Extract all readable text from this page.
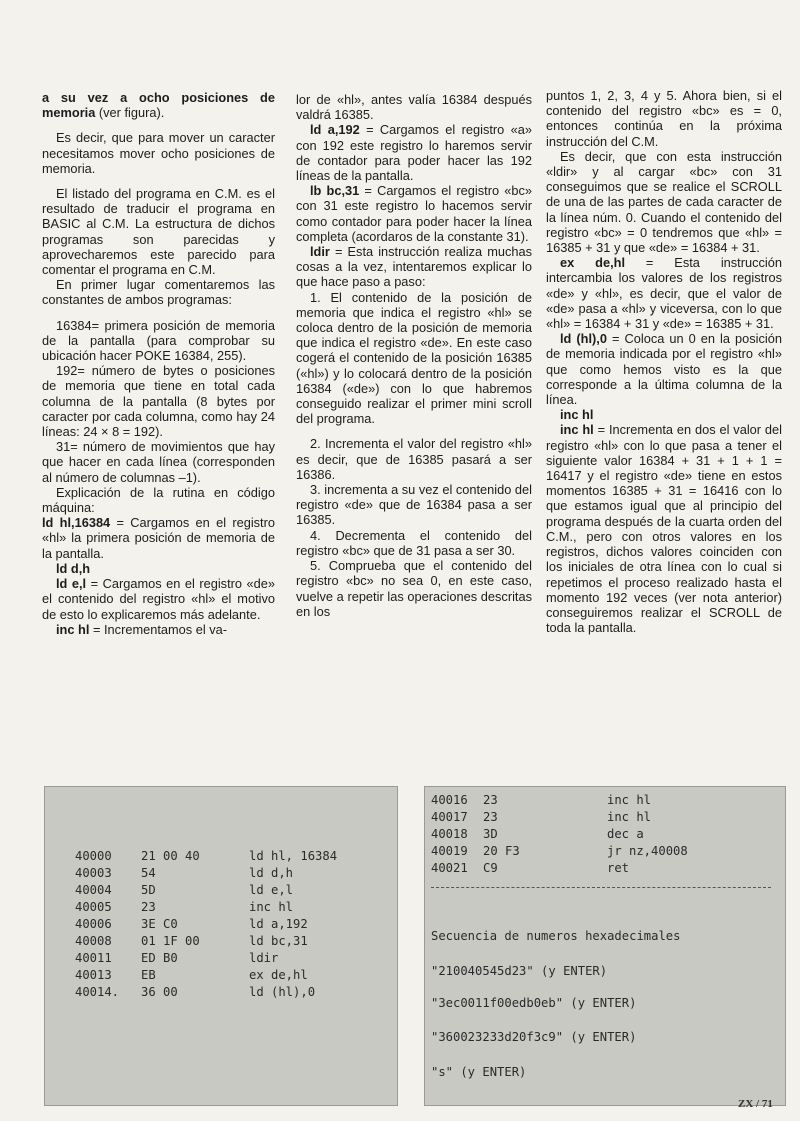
a su vez a ocho posiciones de memoria (ver figura).

Es decir, que para mover un caracter necesitamos mover ocho posiciones de memoria.

El listado del programa en C.M. es el resultado de traducir el programa en BASIC al C.M. La estructura de dichos programas son parecidas y aprovecharemos este parecido para comentar el programa en C.M.

En primer lugar comentaremos las constantes de ambos programas:

16384= primera posición de memoria de la pantalla (para comprobar su ubicación hacer POKE 16384, 255).

192= número de bytes o posiciones de memoria que tiene en total cada columna de la pantalla (8 bytes por caracter por cada columna, como hay 24 líneas: 24 × 8 = 192).

31= número de movimientos que hay que hacer en cada línea (corresponden al número de columnas –1).

Explicación de la rutina en código máquina:

ld hl,16384 = Cargamos en el registro «hl» la primera posición de memoria de la pantalla.

ld d,h

ld e,l = Cargamos en el registro «de» el contenido del registro «hl» el motivo de esto lo explicaremos más adelante.

inc hl = Incrementamos el va-

lor de «hl», antes valía 16384 después valdrá 16385.

ld a,192 = Cargamos el registro «a» con 192 este registro lo haremos servir de contador para poder hacer las 192 líneas de la pantalla.

lb bc,31 = Cargamos el registro «bc» con 31 este registro lo hacemos servir como contador para poder hacer la línea completa (acordaros de la constante 31).

ldir = Esta instrucción realiza muchas cosas a la vez, intentaremos explicar lo que hace paso a paso:

1. El contenido de la posición de memoria que indica el registro «hl» se coloca dentro de la posición de memoria que indica el registro «de». En este caso cogerá el contenido de la posición 16385 («hl») y lo colocará dentro de la posición 16384 («de») con lo que habremos conseguido realizar el primer mini scroll del programa.

2. Incrementa el valor del registro «hl» es decir, que de 16385 pasará a ser 16386.

3. incrementa a su vez el contenido del registro «de» que de 16384 pasa a ser 16385.

4. Decrementa el contenido del registro «bc» que de 31 pasa a ser 30.

5. Comprueba que el contenido del registro «bc» no sea 0, en este caso, vuelve a repetir las operaciones descritas en los

puntos 1, 2, 3, 4 y 5. Ahora bien, si el contenido del registro «bc» es = 0, entonces continúa en la próxima instrucción del C.M.

Es decir, que con esta instrucción «ldir» y al cargar «bc» con 31 conseguimos que se realice el SCROLL de una de las partes de cada caracter de la línea núm. 0. Cuando el contenido del registro «bc» = 0 tendremos que «hl» = 16385 + 31 y que «de» = 16384 + 31.

ex de,hl = Esta instrucción intercambia los valores de los registros «de» y «hl», es decir, que el valor de «de» pasa a «hl» y viceversa, con lo que «hl» = 16384 + 31 y «de» = 16385 + 31.

ld (hl),0 = Coloca un 0 en la posición de memoria indicada por el registro «hl» que como hemos visto es la que corresponde a la última columna de la línea.

inc hl

inc hl = Incrementa en dos el valor del registro «hl» con lo que pasa a tener el siguiente valor 16384 + 31 + 1 + 1 = 16417 y el registro «de» tiene en estos momentos 16385 + 31 = 16416 con lo que estamos igual que al principio del programa después de la cuarta orden del C.M., pero con otros valores en los registros, dichos valores coinciden con los iniciales de otra línea con lo cual si repetimos el proceso realizado hasta el momento 192 veces (ver nota anterior) conseguiremos realizar el SCROLL de toda la pantalla.

40000 21 00 40	ld hl, 16384
40003 54	ld d,h
40004 5D	ld e,l
40005 23	inc hl
40006 3E C0	ld a,192
40008 01 1F 00	ld bc,31
40011 ED B0	ldir
40013 EB	ex de,hl
40014. 36 00	ld (hl),0
40016 23	inc hl
40017 23	inc hl
40018 3D	dec a
40019 20 F3	jr nz,40008
40021 C9	ret
Secuencia de numeros hexadecimales
"210040545d23" (y ENTER)
"3ec0011f00edb0eb" (y ENTER)
"360023233d20f3c9" (y ENTER)
"s" (y ENTER)
ZX / 71
